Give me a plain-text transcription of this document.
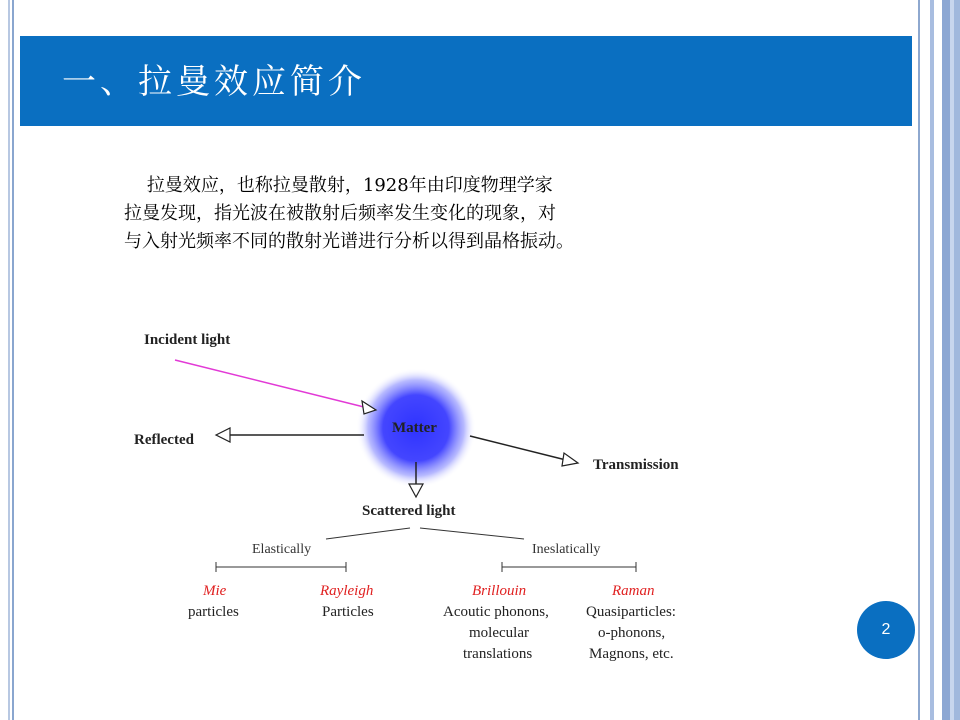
一、拉曼效应简介
拉曼效应，也称拉曼散射，1928年由印度物理学家
拉曼发现，指光波在被散射后频率发生变化的现象，对
与入射光频率不同的散射光谱进行分析以得到晶格振动。
Incident light
Matter
Reflected
Transmission
Scattered light
Elastically	Ineslatically
Mie
particles
Rayleigh
Particles
Brillouin
Acoutic phonons,
molecular
translations
Raman
Quasiparticles:
o-phonons,
Magnons, etc.
2
